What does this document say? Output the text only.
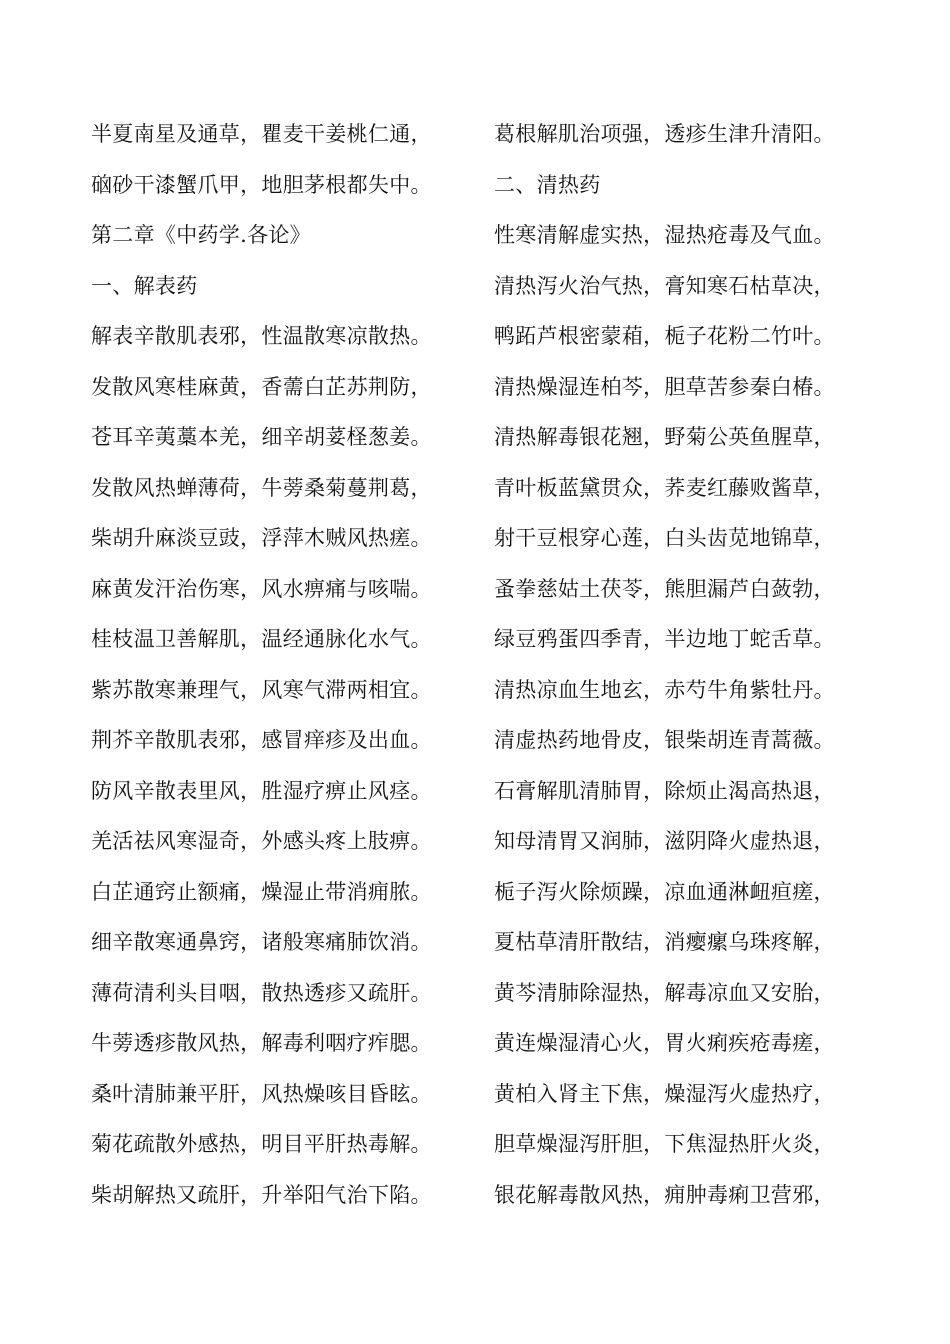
半夏南星及通草，瞿麦干姜桃仁通，
硇砂干漆蟹爪甲，地胆茅根都失中。
第二章《中药学.各论》
一、解表药
解表辛散肌表邪，性温散寒凉散热。
发散风寒桂麻黄，香薷白芷苏荆防，
苍耳辛荑藁本羌，细辛胡荽柽葱姜。
发散风热蝉薄荷，牛蒡桑菊蔓荆葛，
柴胡升麻淡豆豉，浮萍木贼风热瘥。
麻黄发汗治伤寒，风水痹痛与咳喘。
桂枝温卫善解肌，温经通脉化水气。
紫苏散寒兼理气，风寒气滞两相宜。
荆芥辛散肌表邪，感冒痒疹及出血。
防风辛散表里风，胜湿疗痹止风痉。
羌活祛风寒湿奇，外感头疼上肢痹。
白芷通窍止额痛，燥湿止带消痈脓。
细辛散寒通鼻窍，诸般寒痛肺饮消。
薄荷清利头目咽，散热透疹又疏肝。
牛蒡透疹散风热，解毒利咽疗痄腮。
桑叶清肺兼平肝，风热燥咳目昏眩。
菊花疏散外感热，明目平肝热毒解。
柴胡解热又疏肝，升举阳气治下陷。
葛根解肌治项强，透疹生津升清阳。
二、清热药
性寒清解虚实热，湿热疮毒及气血。
清热泻火治气热，膏知寒石枯草决，
鸭跖芦根密蒙葙，栀子花粉二竹叶。
清热燥湿连柏芩，胆草苦参秦白椿。
清热解毒银花翘，野菊公英鱼腥草，
青叶板蓝黛贯众，荞麦红藤败酱草，
射干豆根穿心莲，白头齿苋地锦草，
蚤拳慈姑土茯苓，熊胆漏芦白蔹勃，
绿豆鸦蛋四季青，半边地丁蛇舌草。
清热凉血生地玄，赤芍牛角紫牡丹。
清虚热药地骨皮，银柴胡连青蒿薇。
石膏解肌清肺胃，除烦止渴高热退，
知母清胃又润肺，滋阴降火虚热退，
栀子泻火除烦躁，凉血通淋衄疸瘥，
夏枯草清肝散结，消瘿瘰乌珠疼解，
黄芩清肺除湿热，解毒凉血又安胎，
黄连燥湿清心火，胃火痢疾疮毒瘥，
黄柏入肾主下焦，燥湿泻火虚热疗，
胆草燥湿泻肝胆，下焦湿热肝火炎，
银花解毒散风热，痈肿毒痢卫营邪，
